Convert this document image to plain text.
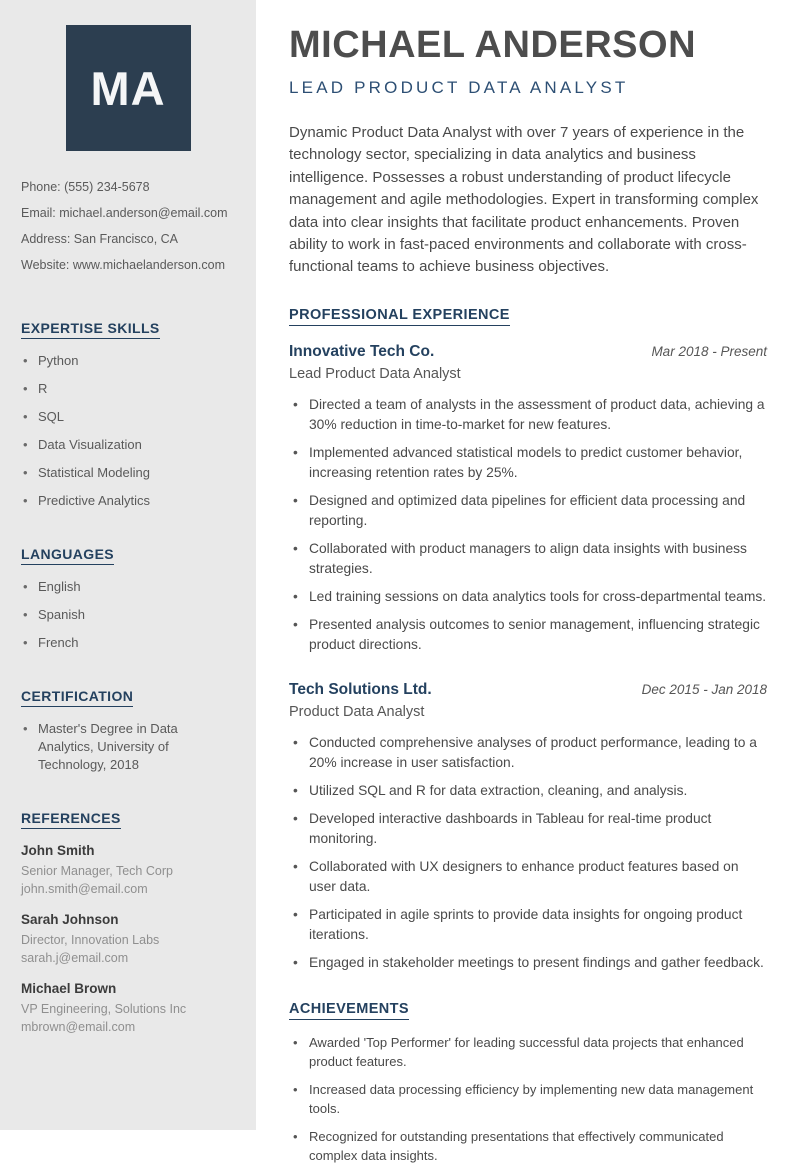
MA
Phone: (555) 234-5678
Email: michael.anderson@email.com
Address: San Francisco, CA
Website: www.michaelanderson.com
EXPERTISE SKILLS
• Python
• R
• SQL
• Data Visualization
• Statistical Modeling
• Predictive Analytics
LANGUAGES
• English
• Spanish
• French
CERTIFICATION
• Master's Degree in Data Analytics, University of Technology, 2018
REFERENCES
John Smith
Senior Manager, Tech Corp
john.smith@email.com
Sarah Johnson
Director, Innovation Labs
sarah.j@email.com
Michael Brown
VP Engineering, Solutions Inc
mbrown@email.com
MICHAEL ANDERSON
LEAD PRODUCT DATA ANALYST

Dynamic Product Data Analyst with over 7 years of experience in the technology sector, specializing in data analytics and business intelligence. Possesses a robust understanding of product lifecycle management and agile methodologies. Expert in transforming complex data into clear insights that facilitate product enhancements. Proven ability to work in fast-paced environments and collaborate with cross-functional teams to achieve business objectives.

PROFESSIONAL EXPERIENCE
Innovative Tech Co.	Mar 2018 - Present
Lead Product Data Analyst
• Directed a team of analysts in the assessment of product data, achieving a 30% reduction in time-to-market for new features.
• Implemented advanced statistical models to predict customer behavior, increasing retention rates by 25%.
• Designed and optimized data pipelines for efficient data processing and reporting.
• Collaborated with product managers to align data insights with business strategies.
• Led training sessions on data analytics tools for cross-departmental teams.
• Presented analysis outcomes to senior management, influencing strategic product directions.
Tech Solutions Ltd.	Dec 2015 - Jan 2018
Product Data Analyst
• Conducted comprehensive analyses of product performance, leading to a 20% increase in user satisfaction.
• Utilized SQL and R for data extraction, cleaning, and analysis.
• Developed interactive dashboards in Tableau for real-time product monitoring.
• Collaborated with UX designers to enhance product features based on user data.
• Participated in agile sprints to provide data insights for ongoing product iterations.
• Engaged in stakeholder meetings to present findings and gather feedback.
ACHIEVEMENTS
• Awarded 'Top Performer' for leading successful data projects that enhanced product features.
• Increased data processing efficiency by implementing new data management tools.
• Recognized for outstanding presentations that effectively communicated complex data insights.
